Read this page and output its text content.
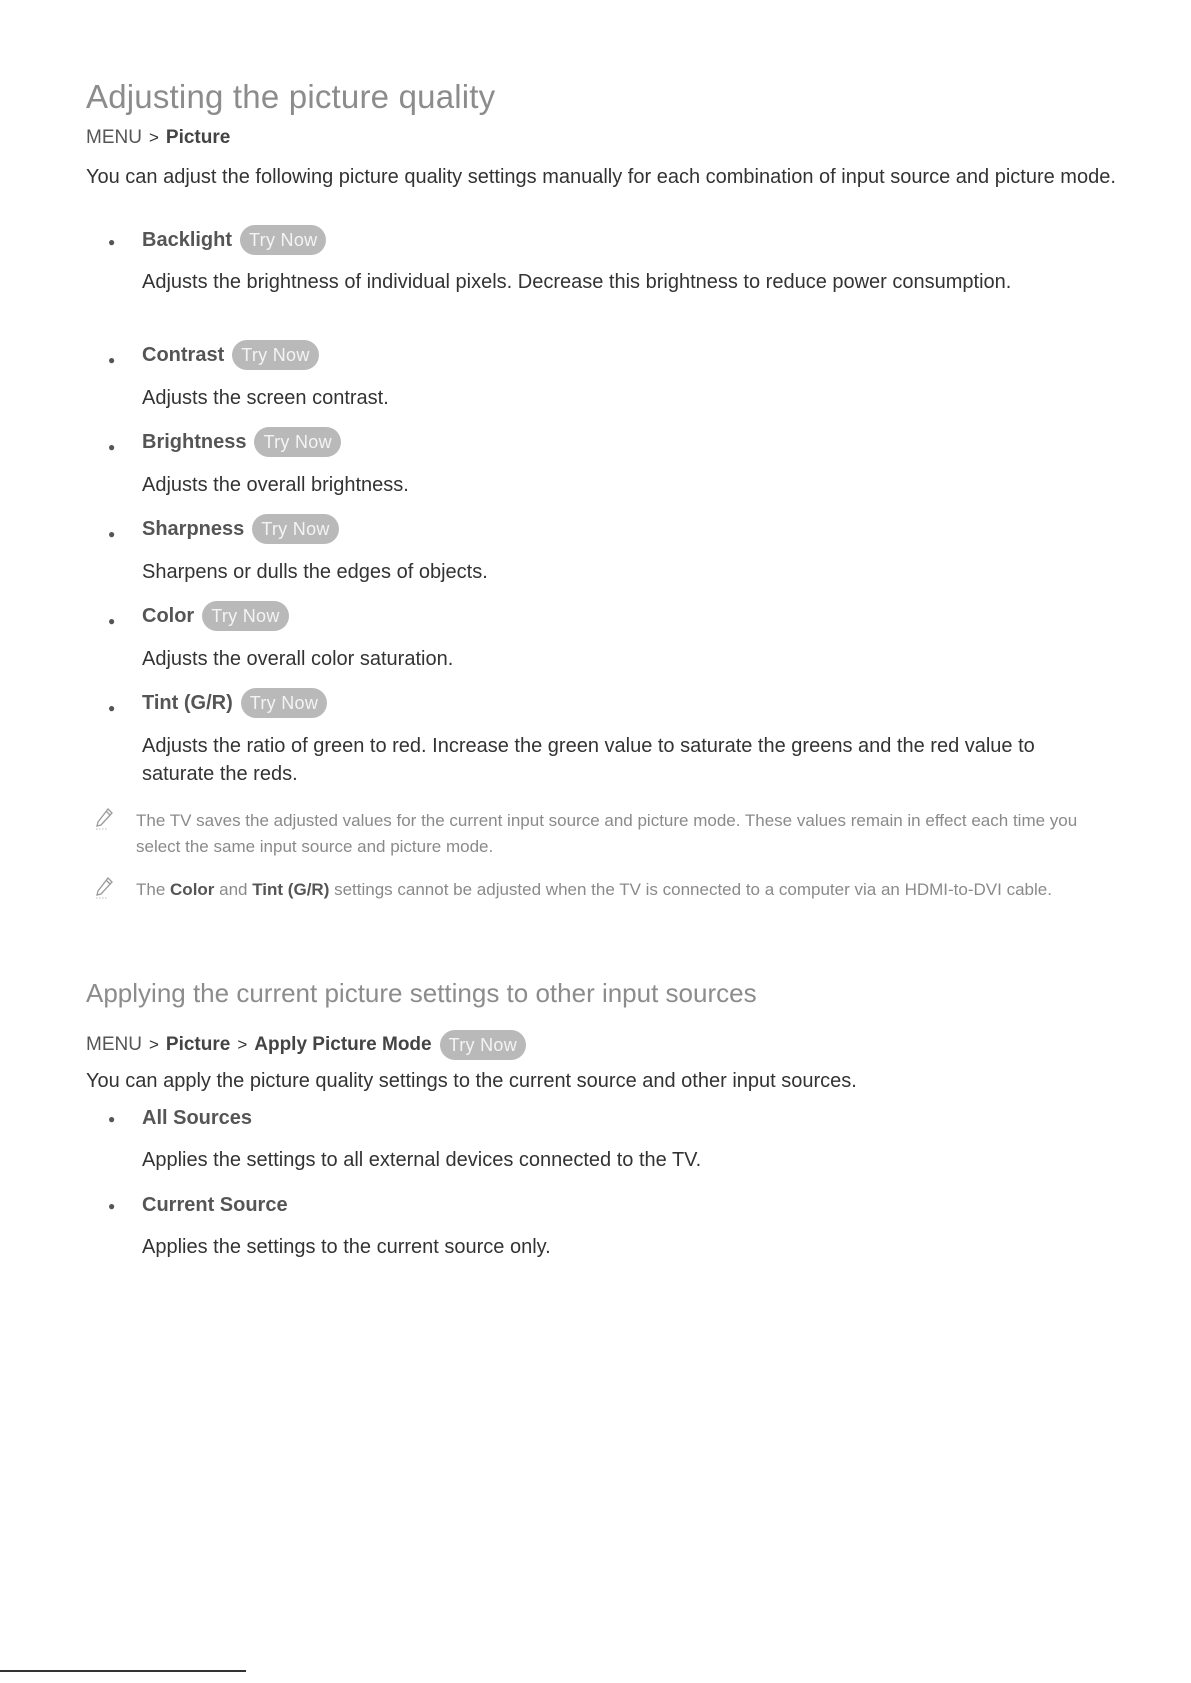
Adjusting the picture quality
MENU > Picture
You can adjust the following picture quality settings manually for each combination of input source and picture mode.
● Backlight Try Now
Adjusts the brightness of individual pixels. Decrease this brightness to reduce power consumption.
● Contrast Try Now
Adjusts the screen contrast.
● Brightness Try Now
Adjusts the overall brightness.
● Sharpness Try Now
Sharpens or dulls the edges of objects.
● Color Try Now
Adjusts the overall color saturation.
● Tint (G/R) Try Now
Adjusts the ratio of green to red. Increase the green value to saturate the greens and the red value to saturate the reds.
The TV saves the adjusted values for the current input source and picture mode. These values remain in effect each time you select the same input source and picture mode.
The Color and Tint (G/R) settings cannot be adjusted when the TV is connected to a computer via an HDMI-to-DVI cable.
Applying the current picture settings to other input sources
MENU > Picture > Apply Picture Mode Try Now
You can apply the picture quality settings to the current source and other input sources.
● All Sources
Applies the settings to all external devices connected to the TV.
● Current Source
Applies the settings to the current source only.
